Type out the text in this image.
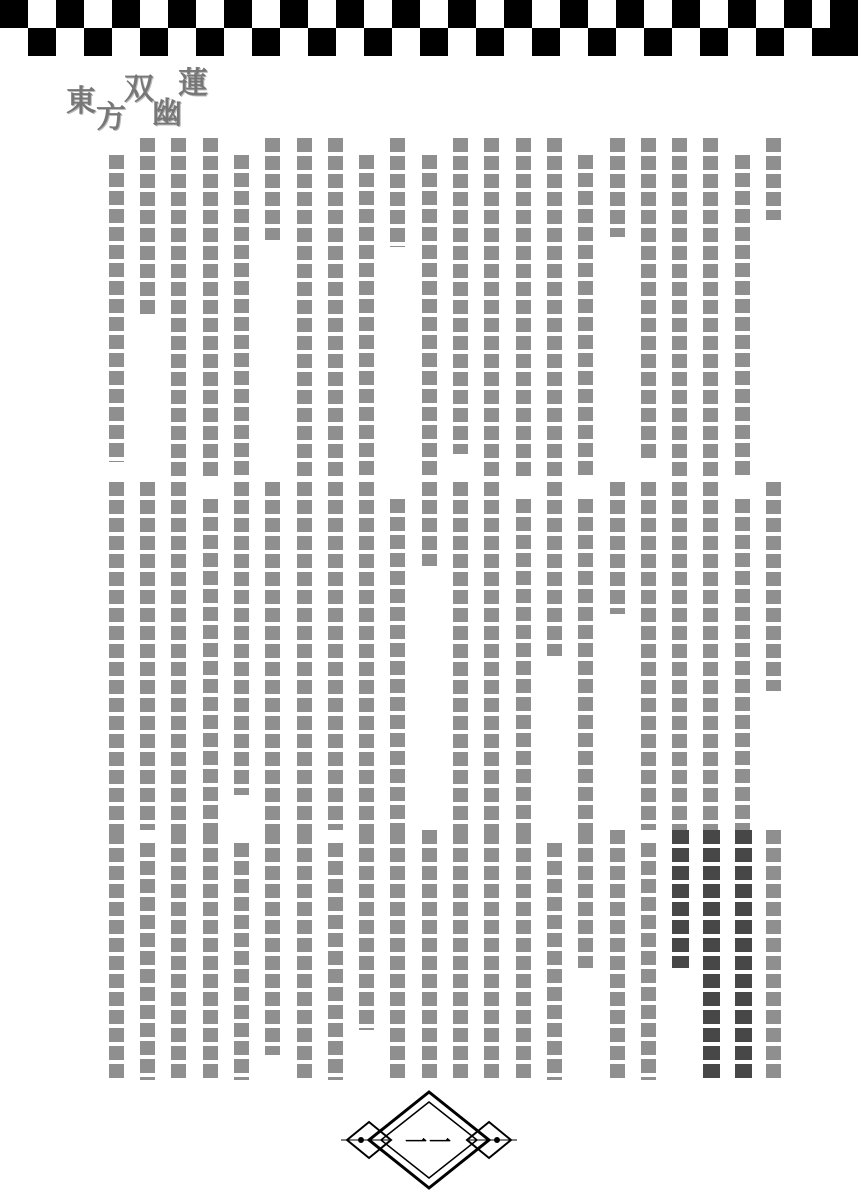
東 方
双
幽
蓮
一一
